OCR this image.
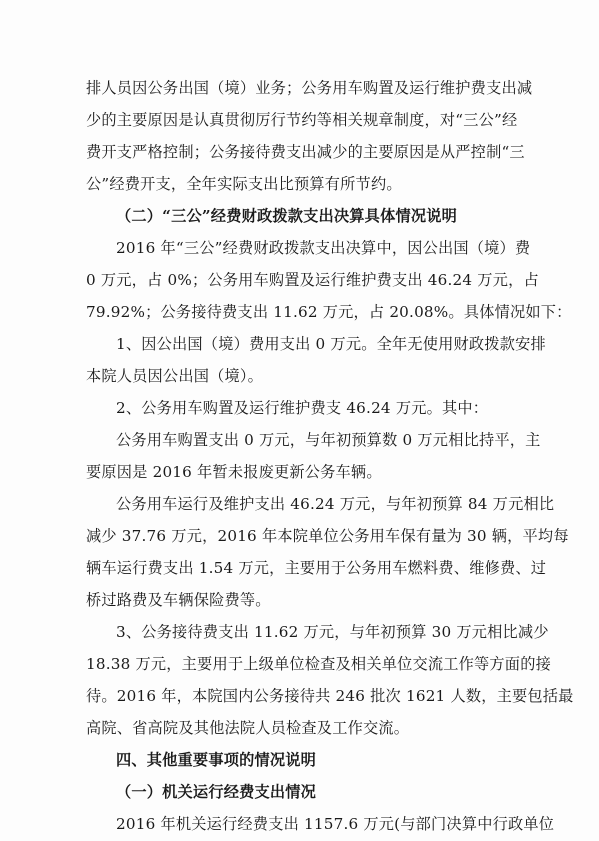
排人员因公务出国（境）业务；公务用车购置及运行维护费支出减
少的主要原因是认真贯彻厉行节约等相关规章制度，对“三公”经
费开支严格控制；公务接待费支出减少的主要原因是从严控制“三
公”经费开支，全年实际支出比预算有所节约。
（二）“三公”经费财政拨款支出决算具体情况说明
2016 年“三公”经费财政拨款支出决算中，因公出国（境）费
0 万元，占 0%；公务用车购置及运行维护费支出 46.24 万元，占
79.92%；公务接待费支出 11.62 万元，占 20.08%。具体情况如下：
1、因公出国（境）费用支出 0 万元。全年无使用财政拨款安排
本院人员因公出国（境）。
2、公务用车购置及运行维护费支 46.24 万元。其中：
公务用车购置支出 0 万元，与年初预算数 0 万元相比持平，主
要原因是 2016 年暂未报废更新公务车辆。
公务用车运行及维护支出 46.24 万元，与年初预算 84 万元相比
减少 37.76 万元，2016 年本院单位公务用车保有量为 30 辆，平均每
辆车运行费支出 1.54 万元，主要用于公务用车燃料费、维修费、过
桥过路费及车辆保险费等。
3、公务接待费支出 11.62 万元，与年初预算 30 万元相比减少
18.38 万元，主要用于上级单位检查及相关单位交流工作等方面的接
待。2016 年，本院国内公务接待共 246 批次 1621 人数，主要包括最
高院、省高院及其他法院人员检查及工作交流。
四、其他重要事项的情况说明
（一）机关运行经费支出情况
2016 年机关运行经费支出 1157.6 万元(与部门决算中行政单位
